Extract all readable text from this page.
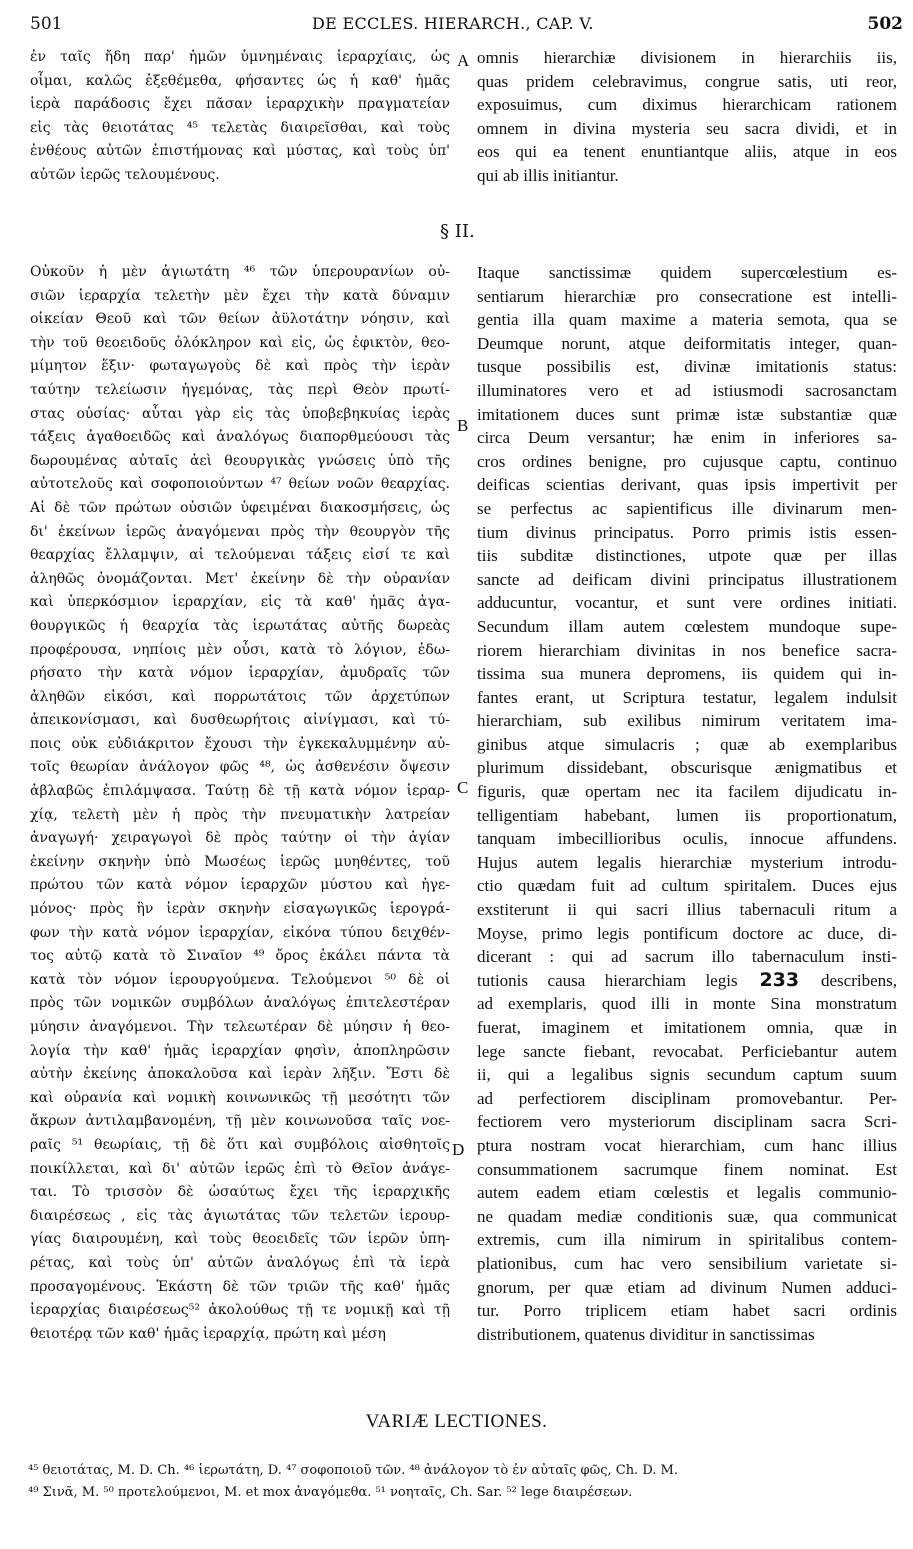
501	DE ECCLES. HIERARCH., CAP. V.	502
ἐν ταῖς ἤδη παρ' ἡμῶν ὑμνημέναις ἱεραρχίαις, ὡς
οἶμαι, καλῶς ἐξεθέμεθα, φήσαντες ὡς ἡ καθ' ἡμᾶς
ἱερὰ παράδοσις ἔχει πᾶσαν ἱεραρχικὴν πραγματείαν
εἰς τὰς θειοτάτας ⁴⁵ τελετὰς διαιρεῖσθαι, καὶ τοὺς
ἐνθέους αὐτῶν ἐπιστήμονας καὶ μύστας, καὶ τοὺς ὑπ'
αὐτῶν ἱερῶς τελουμένους.
omnis hierarchiæ divisionem in hierarchiis iis,
quas pridem celebravimus, congrue satis, uti reor,
exposuimus, cum diximus hierarchicam rationem
omnem in divina mysteria seu sacra dividi, et in
eos qui ea tenent enuntiantque aliis, atque in eos
qui ab illis initiantur.
§ II.
Οὐκοῦν ἡ μὲν ἁγιωτάτη ⁴⁶ τῶν ὑπερουρανίων οὐ-
σιῶν ἱεραρχία τελετὴν μὲν ἔχει τὴν κατὰ δύναμιν
οἰκείαν Θεοῦ καὶ τῶν θείων ἀϋλοτάτην νόησιν, καὶ
τὴν τοῦ θεοειδοῦς ὁλόκληρον καὶ εἰς, ὡς ἐφικτὸν, θεο-
μίμητον ἕξιν· φωταγωγοὺς δὲ καὶ πρὸς τὴν ἱερὰν
ταύτην τελείωσιν ἡγεμόνας, τὰς περὶ Θεὸν πρωτί-
στας οὐσίας· αὗται γὰρ εἰς τὰς ὑποβεβηκυίας ἱερὰς
τάξεις ἀγαθοειδῶς καὶ ἀναλόγως διαπορθμεύουσι τὰς
δωρουμένας αὐταῖς ἀεὶ θεουργικὰς γνώσεις ὑπὸ τῆς
αὐτοτελοῦς καὶ σοφοποιούντων ⁴⁷ θείων νοῶν θεαρχίας.
Αἱ δὲ τῶν πρώτων οὐσιῶν ὑφειμέναι διακοσμήσεις, ὡς
δι' ἐκείνων ἱερῶς ἀναγόμεναι πρὸς τὴν θεουργὸν τῆς
θεαρχίας ἔλλαμψιν, αἱ τελούμεναι τάξεις εἰσί τε καὶ
ἀληθῶς ὀνομάζονται. Μετ' ἐκείνην δὲ τὴν οὐρανίαν
καὶ ὑπερκόσμιον ἱεραρχίαν, εἰς τὰ καθ' ἡμᾶς ἀγα-
θουργικῶς ἡ θεαρχία τὰς ἱερωτάτας αὐτῆς δωρεὰς
προφέρουσα, νηπίοις μὲν οὖσι, κατὰ τὸ λόγιον, ἐδω-
ρήσατο τὴν κατὰ νόμον ἱεραρχίαν, ἀμυδραῖς τῶν
ἀληθῶν εἰκόσι, καὶ πορρωτάτοις τῶν ἀρχετύπων
ἀπεικονίσμασι, καὶ δυσθεωρήτοις αἰνίγμασι, καὶ τύ-
ποις οὐκ εὐδιάκριτον ἔχουσι τὴν ἐγκεκαλυμμένην αὐ-
τοῖς θεωρίαν ἀνάλογον φῶς ⁴⁸, ὡς ἀσθενέσιν ὄψεσιν
ἀβλαβῶς ἐπιλάμψασα. Ταύτῃ δὲ τῇ κατὰ νόμον ἱεραρ-
χίᾳ, τελετὴ μὲν ἡ πρὸς τὴν πνευματικὴν λατρείαν
ἀναγωγή· χειραγωγοὶ δὲ πρὸς ταύτην οἱ τὴν ἁγίαν
ἐκείνην σκηνὴν ὑπὸ Μωσέως ἱερῶς μυηθέντες, τοῦ
πρώτου τῶν κατὰ νόμον ἱεραρχῶν μύστου καὶ ἡγε-
μόνος· πρὸς ἣν ἱερὰν σκηνὴν εἰσαγωγικῶς ἱερογρά-
φων τὴν κατὰ νόμον ἱεραρχίαν, εἰκόνα τύπου δειχθέν-
τος αὐτῷ κατὰ τὸ Σιναῖον ⁴⁹ ὄρος ἐκάλει πάντα τὰ
κατὰ τὸν νόμον ἱερουργούμενα. Τελούμενοι ⁵⁰ δὲ οἱ
πρὸς τῶν νομικῶν συμβόλων ἀναλόγως ἐπιτελεστέραν
μύησιν ἀναγόμενοι. Τὴν τελεωτέραν δὲ μύησιν ἡ θεο-
λογία τὴν καθ' ἡμᾶς ἱεραρχίαν φησὶν, ἀποπληρῶσιν
αὐτὴν ἐκείνης ἀποκαλοῦσα καὶ ἱερὰν λῆξιν. Ἔστι δὲ
καὶ οὐρανία καὶ νομικὴ κοινωνικῶς τῇ μεσότητι τῶν
ἄκρων ἀντιλαμβανομένη, τῇ μὲν κοινωνοῦσα ταῖς νοε-
ραῖς ⁵¹ θεωρίαις, τῇ δὲ ὅτι καὶ συμβόλοις αἰσθητοῖς
ποικίλλεται, καὶ δι' αὐτῶν ἱερῶς ἐπὶ τὸ Θεῖον ἀνάγε-
ται. Τὸ τρισσὸν δὲ ὡσαύτως ἔχει τῆς ἱεραρχικῆς
διαιρέσεως , εἰς τὰς ἁγιωτάτας τῶν τελετῶν ἱερουρ-
γίας διαιρουμένη, καὶ τοὺς θεοειδεῖς τῶν ἱερῶν ὑπη-
ρέτας, καὶ τοὺς ὑπ' αὐτῶν ἀναλόγως ἐπὶ τὰ ἱερὰ
προσαγομένους. Ἑκάστη δὲ τῶν τριῶν τῆς καθ' ἡμᾶς
ἱεραρχίας διαιρέσεως⁵² ἀκολούθως τῇ τε νομικῇ καὶ τῇ
θειοτέρᾳ τῶν καθ' ἡμᾶς ἱεραρχίᾳ, πρώτη καὶ μέση
Itaque sanctissimæ quidem supercœlestium es-
sentiarum hierarchiæ pro consecratione est intelli-
gentia illa quam maxime a materia semota, qua se
Deumque norunt, atque deiformitatis integer, quan-
tusque possibilis est, divinæ imitationis status:
illuminatores vero et ad istiusmodi sacrosanctam
imitationem duces sunt primæ istæ substantiæ quæ
circa Deum versantur; hæ enim in inferiores sa-
cros ordines benigne, pro cujusque captu, continuo
deificas scientias derivant, quas ipsis impertivit per
se perfectus ac sapientificus ille divinarum men-
tium divinus principatus. Porro primis istis essen-
tiis subditæ distinctiones, utpote quæ per illas
sancte ad deificam divini principatus illustrationem
adducuntur, vocantur, et sunt vere ordines initiati.
Secundum illam autem cœlestem mundoque supe-
riorem hierarchiam divinitas in nos benefice sacra-
tissima sua munera depromens, iis quidem qui in-
fantes erant, ut Scriptura testatur, legalem indulsit
hierarchiam, sub exilibus nimirum veritatem ima-
ginibus atque simulacris ; quæ ab exemplaribus
plurimum dissidebant, obscurisque ænigmatibus et
figuris, quæ opertam nec ita facilem dijudicatu in-
telligentiam habebant, lumen iis proportionatum,
tanquam imbecillioribus oculis, innocue affundens.
Hujus autem legalis hierarchiæ mysterium introdu-
ctio quædam fuit ad cultum spiritalem. Duces ejus
exstiterunt ii qui sacri illius tabernaculi ritum a
Moyse, primo legis pontificum doctore ac duce, di-
dicerant : qui ad sacrum illo tabernaculum insti-
tutionis causa hierarchiam legis 233 describens,
ad exemplaris, quod illi in monte Sina monstratum
fuerat, imaginem et imitationem omnia, quæ in
lege sancte fiebant, revocabat. Perficiebantur autem
ii, qui a legalibus signis secundum captum suum
ad perfectiorem disciplinam promovebantur. Per-
fectiorem vero mysteriorum disciplinam sacra Scri-
ptura nostram vocat hierarchiam, cum hanc illius
consummationem sacrumque finem nominat. Est
autem eadem etiam cœlestis et legalis communio-
ne quadam mediæ conditionis suæ, qua communicat
extremis, cum illa nimirum in spiritalibus contem-
plationibus, cum hac vero sensibilium varietate si-
gnorum, per quæ etiam ad divinum Numen adduci-
tur. Porro triplicem etiam habet sacri ordinis
distributionem, quatenus dividitur in sanctissimas
A
B
C
D
VARIÆ LECTIONES.
⁴⁵ θειοτάτας, M. D. Ch. ⁴⁶ ἱερωτάτη, D. ⁴⁷ σοφοποιοῦ τῶν. ⁴⁸ ἀνάλογον τὸ ἐν αὐταῖς φῶς, Ch. D. M.
⁴⁹ Σινᾶ, M. ⁵⁰ προτελούμενοι, M. et mox ἀναγόμεθα. ⁵¹ νοηταῖς, Ch. Sar. ⁵² lege διαιρέσεων.
